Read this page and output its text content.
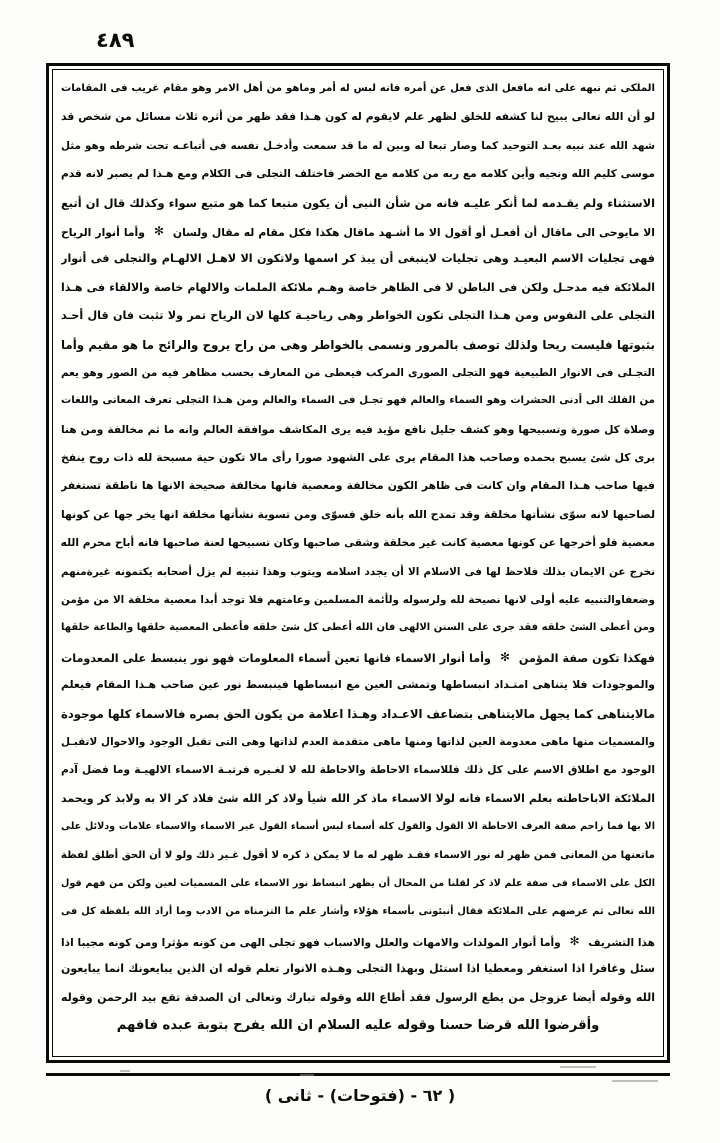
٤٨٩
الملكى ثم نبهه على انه مافعل الذى فعل عن أمره فانه لبس له أمر وماهو من أهل الامر وهو مقام غريب فى المقامات
لو أن الله تعالى يبيح لنا كشفه للخلق لظهر علم لايقوم له كون هـذا فقد ظهر من أثره ثلاث مسائل من شخص قد
شهد الله عند نبيه بعـد التوحيد كما وصار تبعا له وبين له ما قد سمعت وأدخـل نفسه فى أتباعـه تحت شرطه وهو مثل
موسى كليم الله ونجيه وأين كلامه مع ربه من كلامه مع الخضر فاختلف التجلى فى الكلام ومع هـذا لم يصبر لانه قدم
الاستثناء ولم يقـدمه لما أنكر عليـه فانه من شأن النبى أن يكون متبعا كما هو متبع سواء وكذلك قال ان أتبع
الا مايوحى الى ماقال أن أفعـل أو أقول الا ما أشـهد ماقال هكذا فكل مقام له مقال ولسان ✻ وأما أنوار الرياح
فهى تجليات الاسم البعيـد وهى تجليات لاينبغى أن يبذ كر اسمها ولاتكون الا لاهـل الالهـام والتجلى فى أنوار
الملائكة فيه مدحـل ولكن فى الباطن لا فى الظاهر خاصة وهـم ملائكة الملمات والالهام خاصة والالقاء فى هـذا
التجلى على النفوس ومن هـذا التجلى تكون الخواطر وهى رياحيـة كلها لان الرياح تمر ولا تثبت فان قال أحـد
بثبوتها فليست ريحا ولذلك توصف بالمرور ونسمى بالخواطر وهى من راح يروح والرائح ما هو مقيم وأما
التجـلى فى الانوار الطبيعية فهو التجلى الصورى المركب فيعطى من المعارف بحسب مظاهر فيه من الصور وهو يعم
من الفلك الى أدنى الحشرات وهو السماء والعالم فهو تجـل فى السماء والعالم ومن هـذا التجلى تعرف المعانى واللغات
وصلاة كل صورة وتسبيحها وهو كشف جليل نافع مؤيد فيه يرى المكاشف موافقة العالم وانه ما ثم مخالفة ومن هنا
برى كل شئ يسبح بحمده وصاحب هذا المقام يرى على الشهود صورا رأى مالا تكون حية مسبحة لله ذات روح ينفخ
فيها صاحب هـذا المقام وان كانت فى ظاهر الكون مخالفة ومعصية فانها مخالفة صحيحة الانها ها ناطقة تستغفر
لصاحبها لانه سوّى نشأتها مخلقة وقد تمدح الله بأنه خلق فسوّى ومن تسوية نشأتها مخلقة انها يخر جها عن كونها
معصية فلو أخرجها عن كونها معصية كانت غير مخلقة وشقى صاحبها وكان تسبيحها لعنة صاحبها فانه أباح محرم الله
نخرج عن الايمان بذلك فلاحظ لها فى الاسلام الا أن يجدد اسلامه ويتوب وهذا تنبيه لم يزل أصحابه يكتمونه غيرةمنهم
وضعفاوالتنبيه عليه أولى لانها نصيحة لله ولرسوله ولأئمة المسلمين وعامتهم فلا توجد أبدا معصية مخلقة الا من مؤمن
ومن أعطى الشئ خلقه فقد جرى على السنن الالهى فان الله أعطى كل شئ خلقه فأعطى المعصية خلقها والطاعة خلقها
فهكذا تكون صفة المؤمن ✻ وأما أنوار الاسماء فانها تعين أسماء المعلومات فهو نور ينبسط على المعدومات
والموجودات فلا يتناهى امتـداد انبساطها وتمشى العين مع انبساطها فينبسط نور عين صاحب هـذا المقام فيعلم
مالايتناهى كما يجهل مالايتناهى بتضاعف الاعـداد وهـذا اعلامة من يكون الحق بصره فالاسماء كلها موجودة
والمسميات منها ماهى معدومة العين لذاتها ومنها ماهى متقدمة العدم لذاتها وهى التى تقبل الوجود والاحوال لاتقبـل
الوجود مع اطلاق الاسم على كل ذلك فللاسماء الاحاطة والاحاطة لله لا لغـيره فرتبـة الاسماء الالهيـة وما فضل آدم
الملائكة الاباحاطته بعلم الاسماء فانه لولا الاسماء ماذ كر الله شيأ ولاذ كر الله شئ فلاذ كر الا به ولابذ كر ويحمد
الا بها فما زاحم صفة العرف الاحاطة الا القول والقول كله أسماء لبس أسماء القول غير الاسماء والاسماء علامات ودلائل على
ماتعنها من المعانى فمن ظهر له نور الاسماء فقـد ظهر له ما لا يمكن ذ كره لا أقول غـير ذلك ولو لا أن الحق أطلق لفظة
الكل على الاسماء فى صفة علم لاذ كر لقلنا من المحال أن يظهر انبساط نور الاسماء على المسميات لعين ولكن من فهم قول
الله تعالى ثم عرضهم على الملائكة فقال أنبئونى بأسماء هؤلاء وأشار علم ما التزمناه من الادب وما أراد الله بلفظة كل فى
هذا التشريف ✻ وأما أنوار المولدات والامهات والعلل والاسباب فهو تجلى الهى من كونه مؤثرا ومن كونه مجيبا اذا
سئل وغافرا اذا استغفر ومعطيا اذا استئل وبهذا التجلى وهـذه الانوار تعلم قوله ان الذين يبايعونك انما يبايعون
الله وقوله أيضا عزوجل من يطع الرسول فقد أطاع الله وقوله تبارك وتعالى ان الصدقة تقع بيد الرحمن وقوله
وأقرضوا الله قرضا حسنا وقوله عليه السلام ان الله يفرح بتوبة عبده فافهم
( ٦٢ - (فتوحات) - ثانى )
